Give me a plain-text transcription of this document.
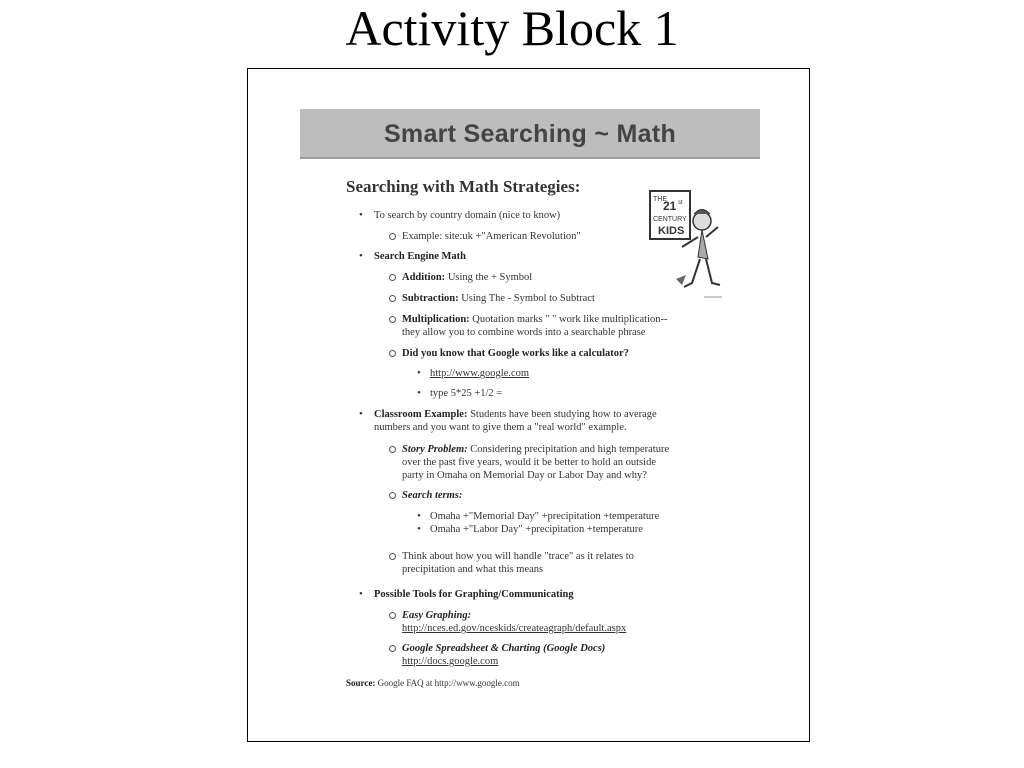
Activity Block 1
Smart Searching ~ Math
Searching with Math Strategies:
THE
21 st
CENTURY
KIDS
• To search by country domain (nice to know)
Example: site:uk +"American Revolution"
• Search Engine Math
Addition: Using the + Symbol
Subtraction: Using The - Symbol to Subtract
Multiplication: Quotation marks " " work like multiplication--
they allow you to combine words into a searchable phrase
Did you know that Google works like a calculator?
• http://www.google.com
• type 5*25 +1/2 =
• Classroom Example: Students have been studying how to average
numbers and you want to give them a "real world" example.
Story Problem: Considering precipitation and high temperature
over the past five years, would it be better to hold an outside
party in Omaha on Memorial Day or Labor Day and why?
Search terms:
• Omaha +"Memorial Day" +precipitation +temperature
• Omaha +"Labor Day" +precipitation +temperature
Think about how you will handle "trace" as it relates to
precipitation and what this means
• Possible Tools for Graphing/Communicating
Easy Graphing:
http://nces.ed.gov/nceskids/createagraph/default.aspx
Google Spreadsheet & Charting (Google Docs)
http://docs.google.com
Source: Google FAQ at http://www.google.com
